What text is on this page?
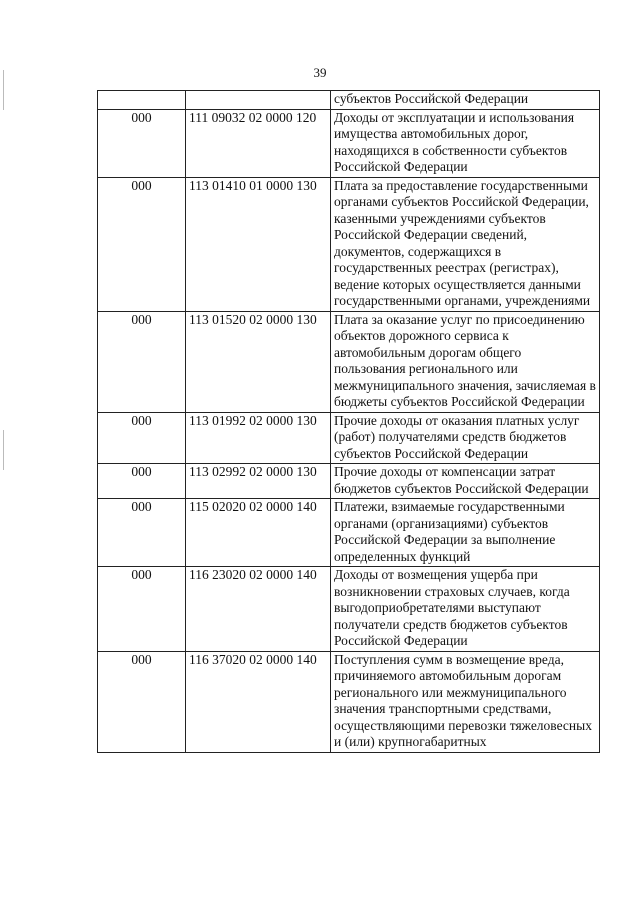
39
		субъектов Российской Федерации
000	111 09032 02 0000 120	Доходы от эксплуатации и использования имущества автомобильных дорог, находящихся в собственности субъектов Российской Федерации
000	113 01410 01 0000 130	Плата за предоставление государственными органами субъектов Российской Федерации, казенными учреждениями субъектов Российской Федерации сведений, документов, содержащихся в государственных реестрах (регистрах), ведение которых осуществляется данными государственными органами, учреждениями
000	113 01520 02 0000 130	Плата за оказание услуг по присоединению объектов дорожного сервиса к автомобильным дорогам общего пользования регионального или межмуниципального значения, зачисляемая в бюджеты субъектов Российской Федерации
000	113 01992 02 0000 130	Прочие доходы от оказания платных услуг (работ) получателями средств бюджетов субъектов Российской Федерации
000	113 02992 02 0000 130	Прочие доходы от компенсации затрат бюджетов субъектов Российской Федерации
000	115 02020 02 0000 140	Платежи, взимаемые государственными органами (организациями) субъектов Российской Федерации за выполнение определенных функций
000	116 23020 02 0000 140	Доходы от возмещения ущерба при возникновении страховых случаев, когда выгодоприобретателями выступают получатели средств бюджетов субъектов Российской Федерации
000	116 37020 02 0000 140	Поступления сумм в возмещение вреда, причиняемого автомобильным дорогам регионального или межмуниципального значения транспортными средствами, осуществляющими перевозки тяжеловесных и (или) крупногабаритных
